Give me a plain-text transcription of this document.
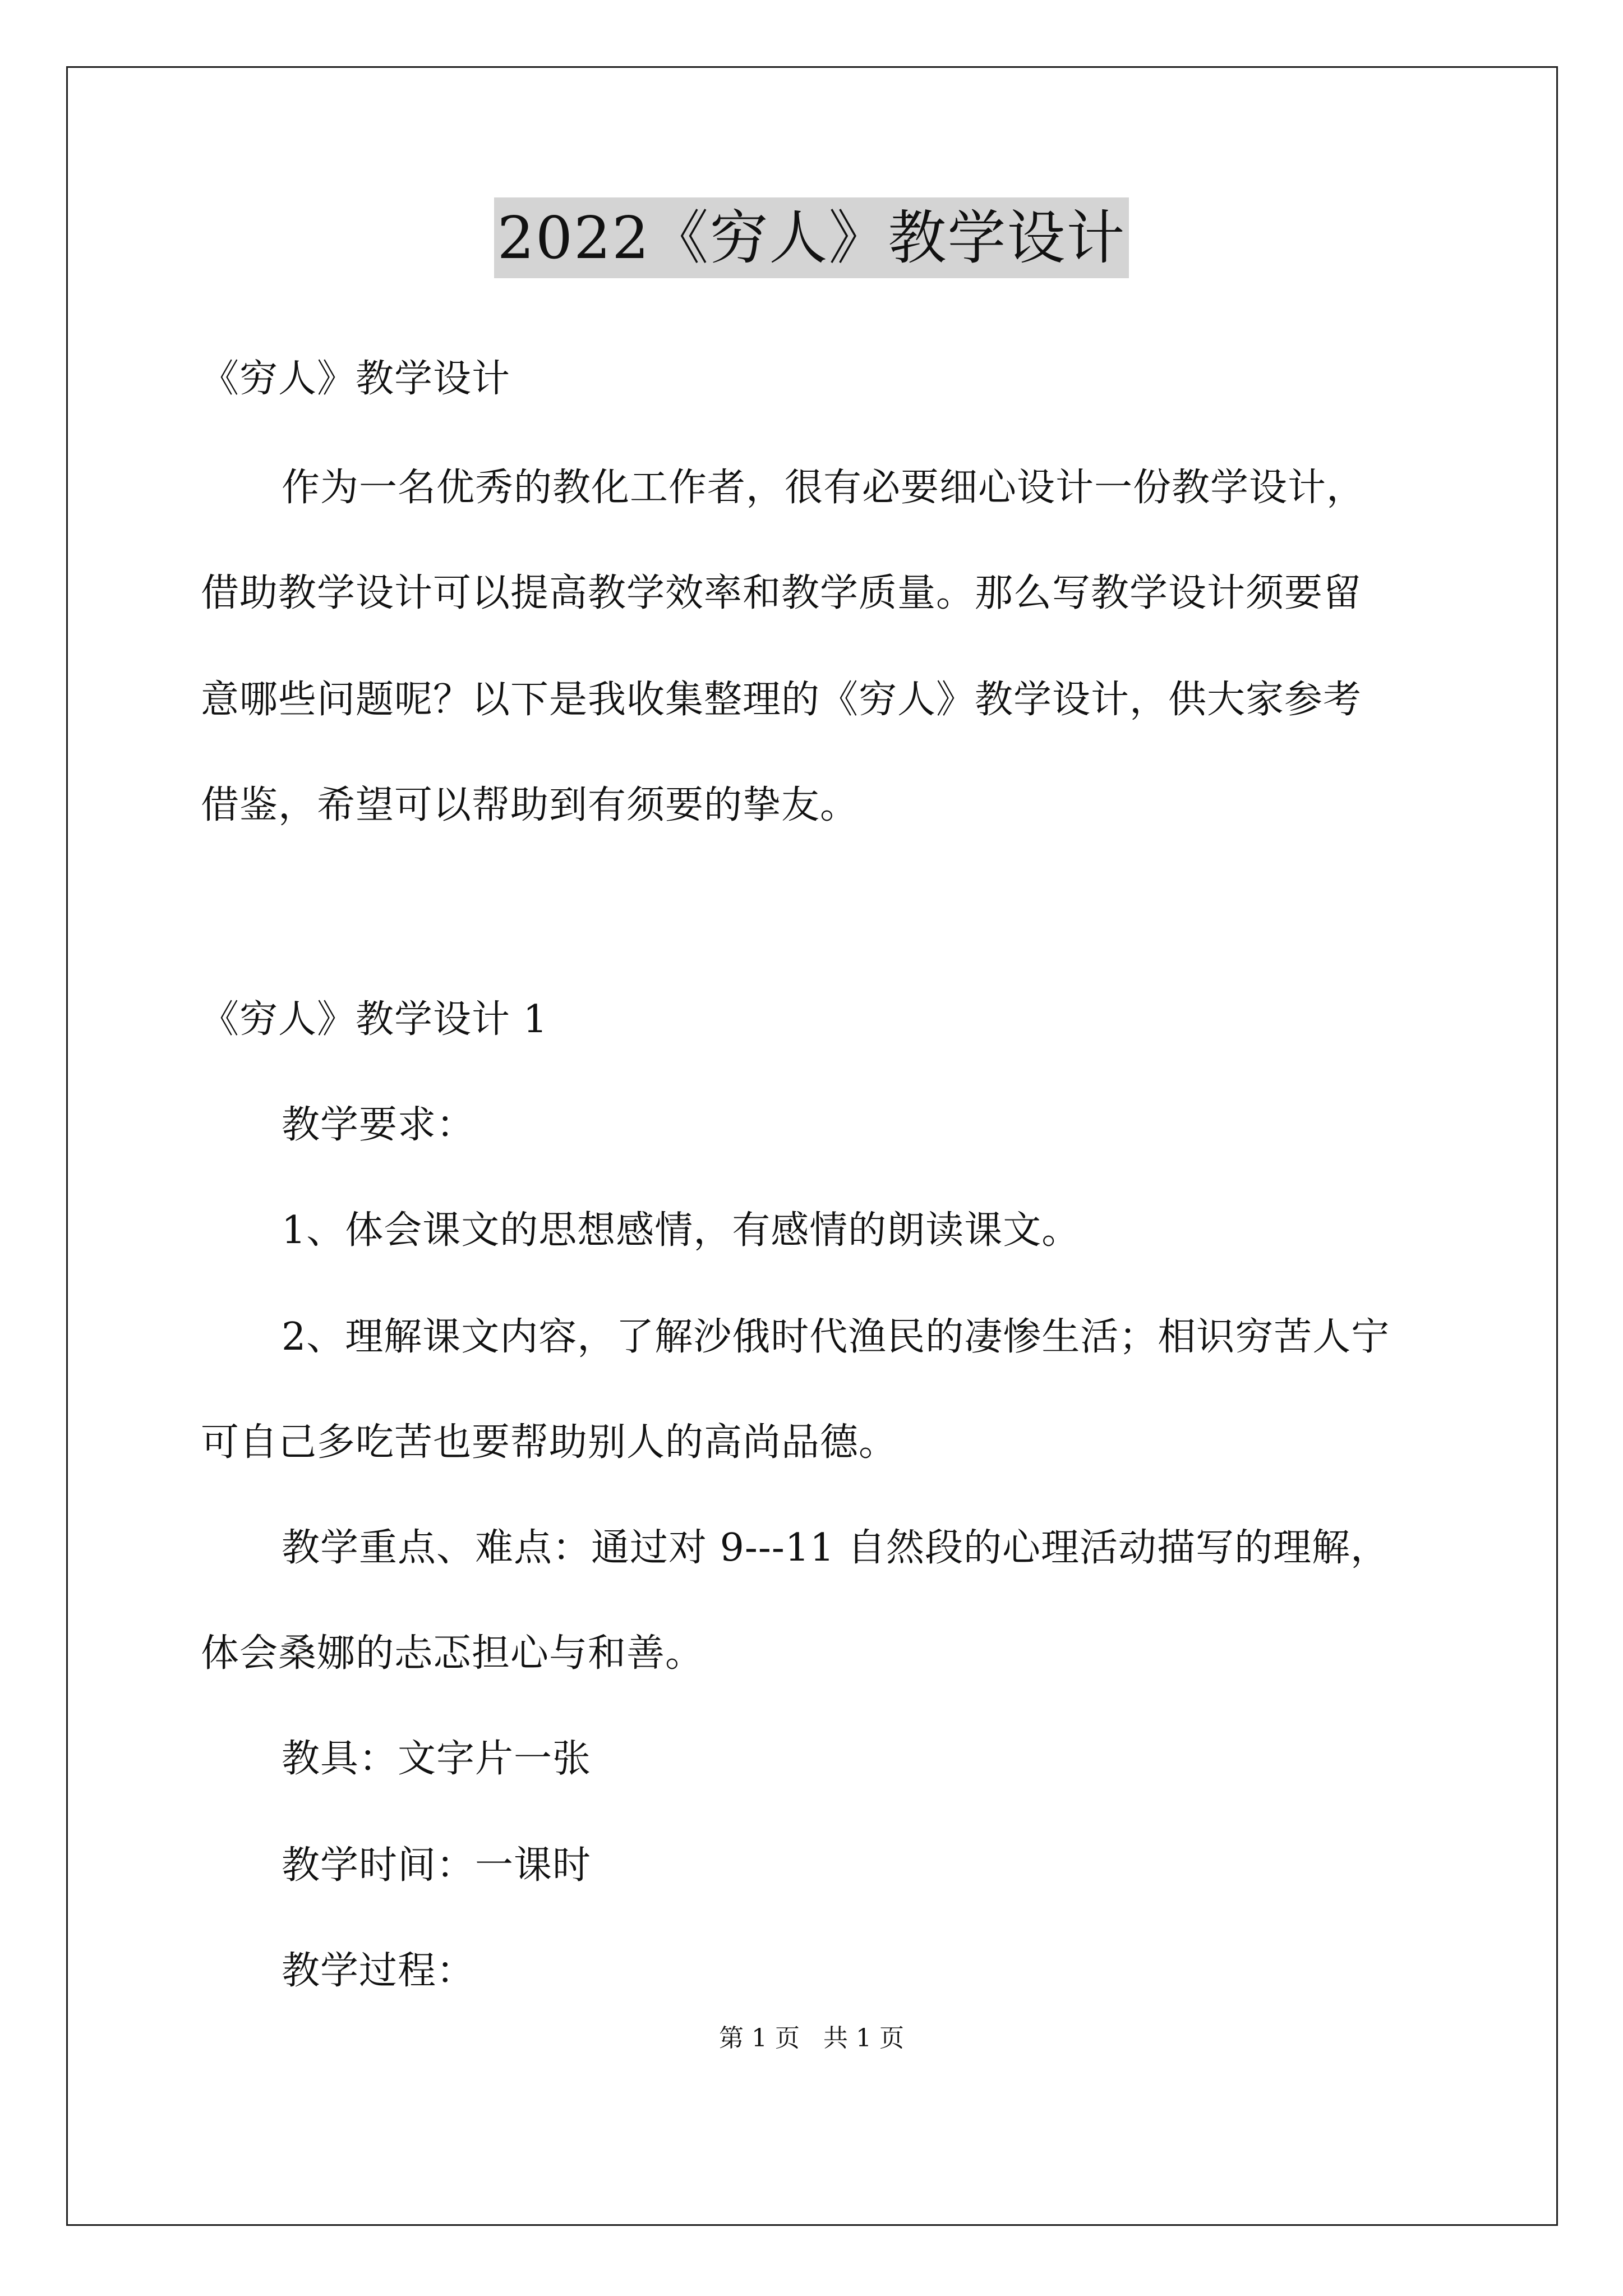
2022《穷人》教学设计
《穷人》教学设计
作为一名优秀的教化工作者，很有必要细心设计一份教学设计，
借助教学设计可以提高教学效率和教学质量。那么写教学设计须要留
意哪些问题呢？以下是我收集整理的《穷人》教学设计，供大家参考
借鉴，希望可以帮助到有须要的挚友。
《穷人》教学设计 1
教学要求：
1、体会课文的思想感情，有感情的朗读课文。
2、理解课文内容，了解沙俄时代渔民的凄惨生活；相识穷苦人宁
可自己多吃苦也要帮助别人的高尚品德。
教学重点、难点：通过对 9---11 自然段的心理活动描写的理解，
体会桑娜的忐忑担心与和善。
教具：文字片一张
教学时间：一课时
教学过程：
第 1 页   共 1 页
